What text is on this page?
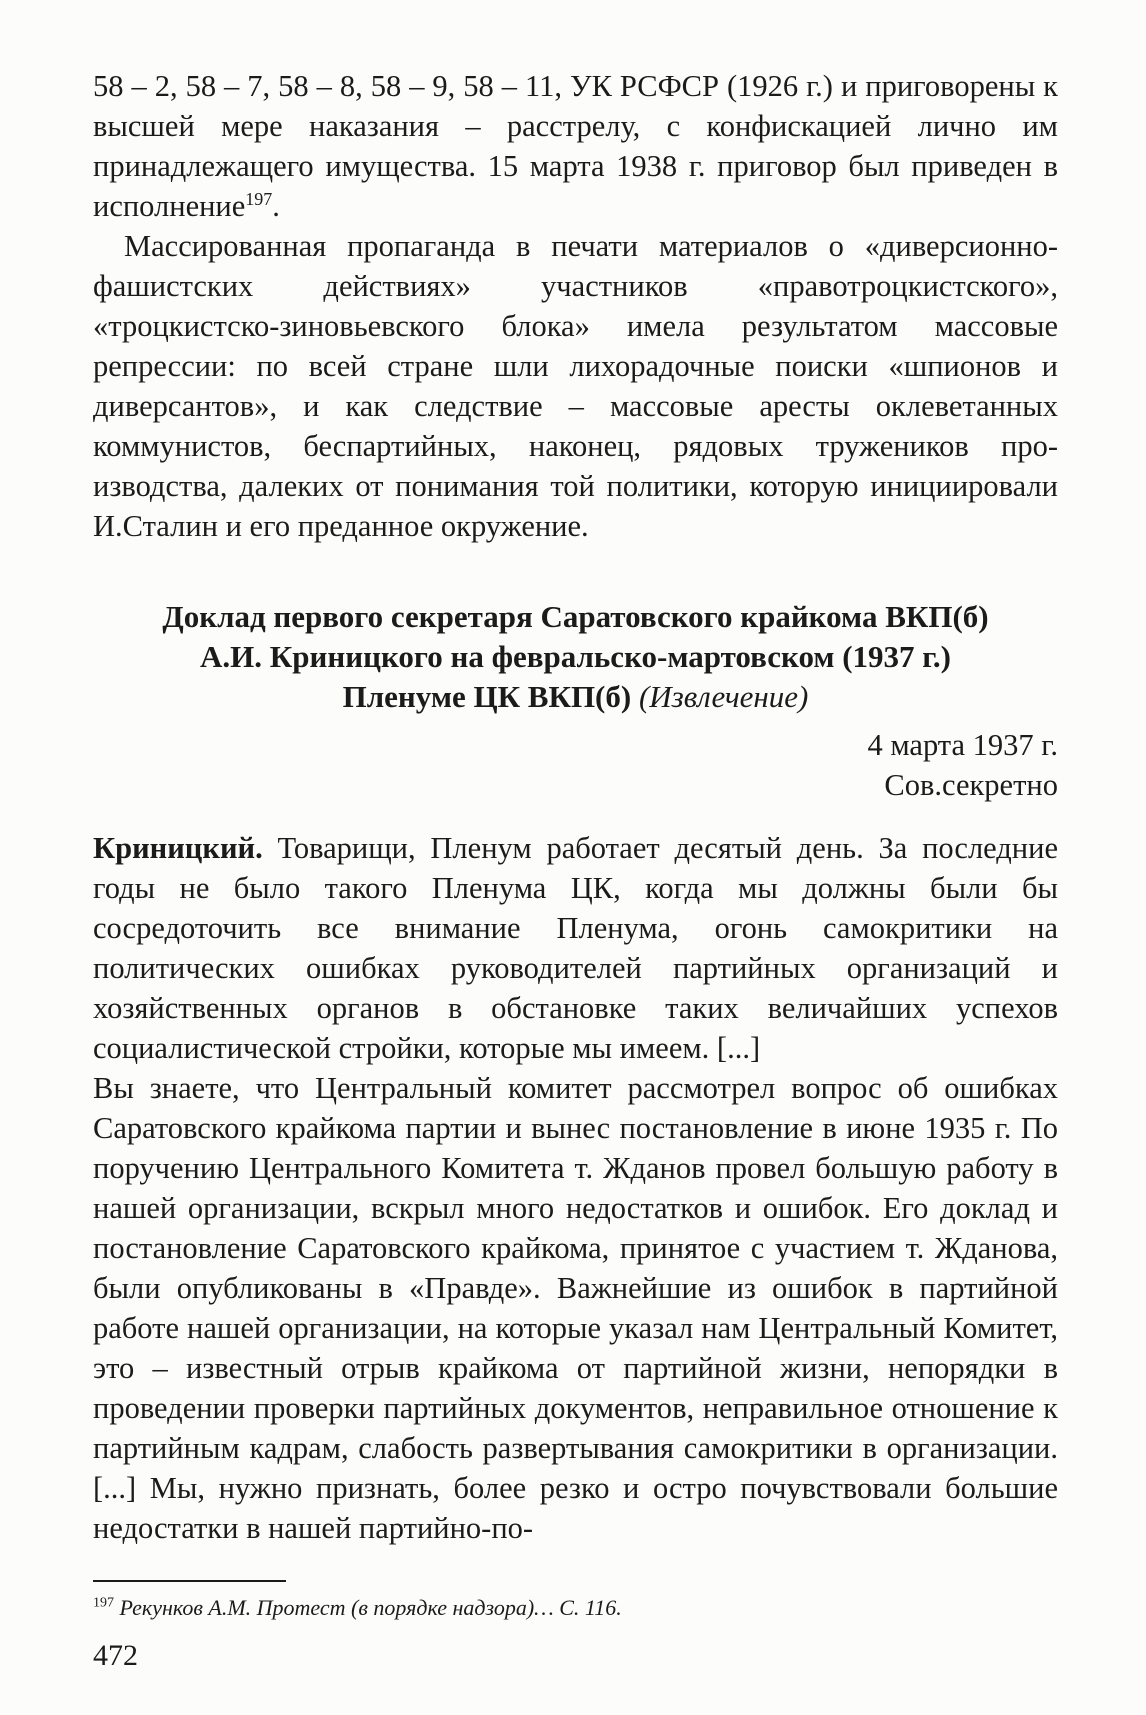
58 – 2, 58 – 7, 58 – 8, 58 – 9, 58 – 11, УК РСФСР (1926 г.) и приговорены к высшей мере наказания – расстрелу, с конфискацией лично им принадлежащего имущества. 15 марта 1938 г. приговор был приведен в исполнение$^{197}$.

Массированная пропаганда в печати материалов о «диверсионно-фашистских действиях» участников «правотроцкистского», «троцкистско-зиновьевского блока» имела результатом массовые репрессии: по всей стране шли лихорадочные поиски «шпионов и диверсантов», и как следствие – массовые аресты оклеветанных коммунистов, беспартийных, наконец, рядовых тружеников производства, далеких от понимания той политики, которую инициировали И.Сталин и его преданное окружение.

Доклад первого секретаря Саратовского крайкома ВКП(б)
А.И. Криницкого на февральско-мартовском (1937 г.)
Пленуме ЦК ВКП(б) (Извлечение)
4 марта 1937 г.
Сов.секретно

Криницкий. Товарищи, Пленум работает десятый день. За последние годы не было такого Пленума ЦК, когда мы должны были бы сосредоточить все внимание Пленума, огонь самокритики на политических ошибках руководителей партийных организаций и хозяйственных органов в обстановке таких величайших успехов социалистической стройки, которые мы имеем. [...]

Вы знаете, что Центральный комитет рассмотрел вопрос об ошибках Саратовского крайкома партии и вынес постановление в июне 1935 г. По поручению Центрального Комитета т. Жданов провел большую работу в нашей организации, вскрыл много недостатков и ошибок. Его доклад и постановление Саратовского крайкома, принятое с участием т. Жданова, были опубликованы в «Правде». Важнейшие из ошибок в партийной работе нашей организации, на которые указал нам Центральный Комитет, это – известный отрыв крайкома от партийной жизни, непорядки в проведении проверки партийных документов, неправильное отношение к партийным кадрам, слабость развертывания самокритики в организации. [...] Мы, нужно признать, более резко и остро почувствовали большие недостатки в нашей партийно-по-

$^{197}$ Рекунков А.М. Протест (в порядке надзора)… С. 116.

472
